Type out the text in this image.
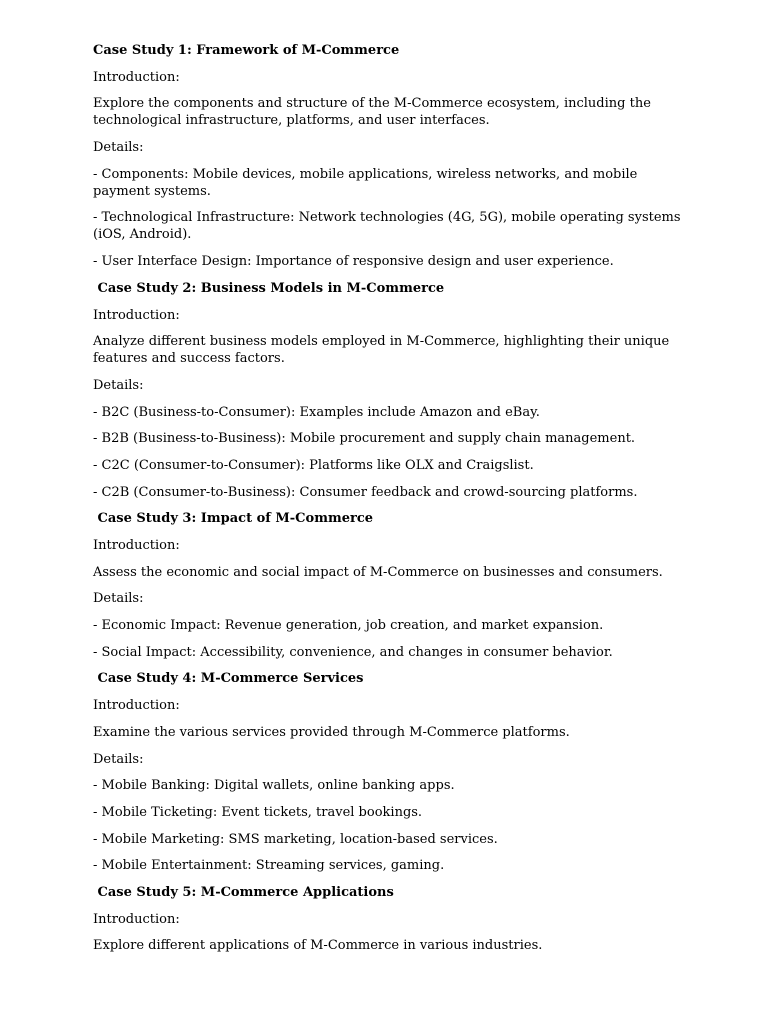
Case Study 1: Framework of M-Commerce

Introduction:

Explore the components and structure of the M-Commerce ecosystem, including the technological infrastructure, platforms, and user interfaces.

Details:

- Components: Mobile devices, mobile applications, wireless networks, and mobile payment systems.

- Technological Infrastructure: Network technologies (4G, 5G), mobile operating systems (iOS, Android).

- User Interface Design: Importance of responsive design and user experience.

Case Study 2: Business Models in M-Commerce

Introduction:

Analyze different business models employed in M-Commerce, highlighting their unique features and success factors.

Details:

- B2C (Business-to-Consumer): Examples include Amazon and eBay.

- B2B (Business-to-Business): Mobile procurement and supply chain management.

- C2C (Consumer-to-Consumer): Platforms like OLX and Craigslist.

- C2B (Consumer-to-Business): Consumer feedback and crowd-sourcing platforms.

Case Study 3: Impact of M-Commerce

Introduction:

Assess the economic and social impact of M-Commerce on businesses and consumers.

Details:

- Economic Impact: Revenue generation, job creation, and market expansion.

- Social Impact: Accessibility, convenience, and changes in consumer behavior.

Case Study 4: M-Commerce Services

Introduction:

Examine the various services provided through M-Commerce platforms.

Details:

- Mobile Banking: Digital wallets, online banking apps.

- Mobile Ticketing: Event tickets, travel bookings.

- Mobile Marketing: SMS marketing, location-based services.

- Mobile Entertainment: Streaming services, gaming.

Case Study 5: M-Commerce Applications

Introduction:

Explore different applications of M-Commerce in various industries.
